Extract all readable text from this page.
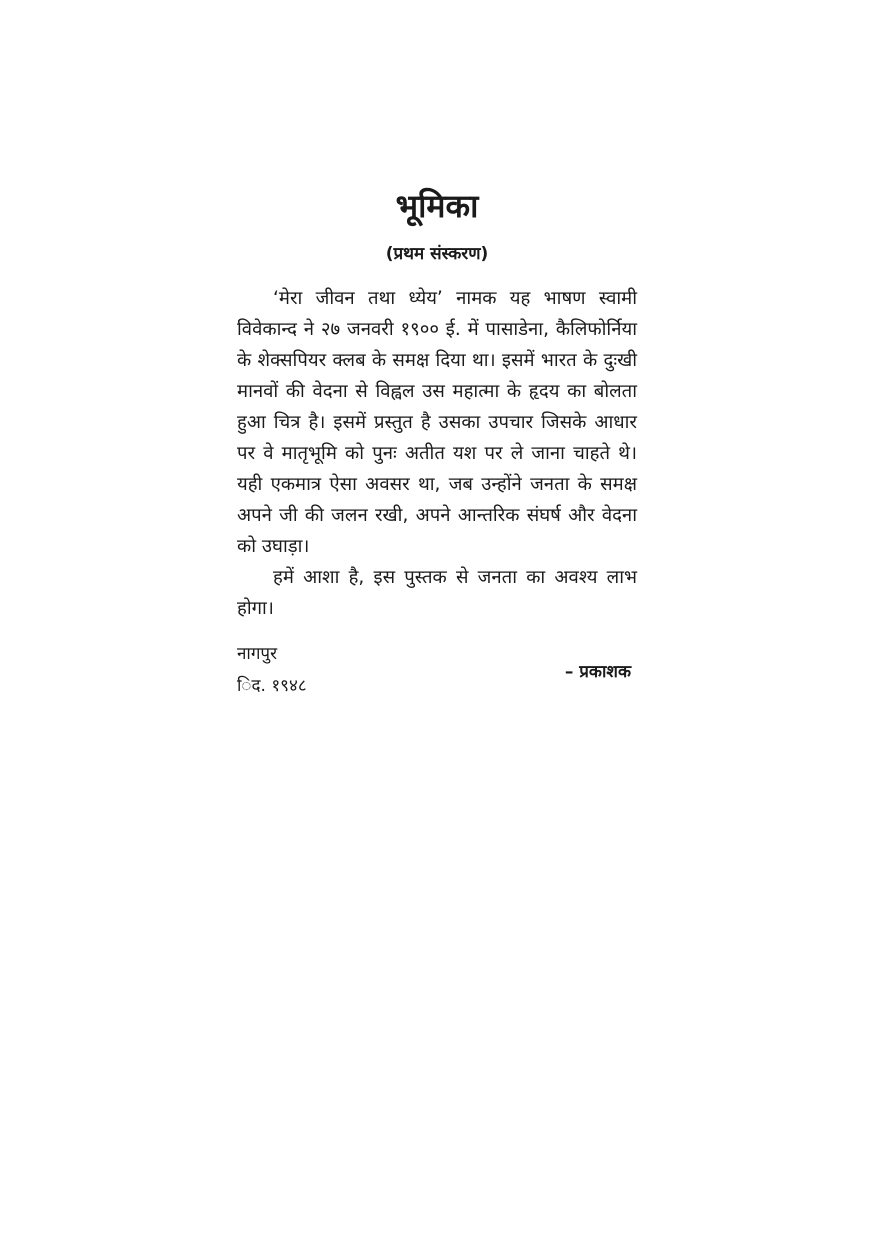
भूमिका
(प्रथम संस्करण)

‘मेरा जीवन तथा ध्येय’ नामक यह भाषण स्वामी विवेकान्द ने २७ जनवरी १९०० ई. में पासाडेना, कैलिफोर्निया के शेक्सपियर क्लब के समक्ष दिया था। इसमें भारत के दुःखी मानवों की वेदना से विह्वल उस महात्मा के हृदय का बोलता हुआ चित्र है। इसमें प्रस्तुत है उसका उपचार जिसके आधार पर वे मातृभूमि को पुनः अतीत यश पर ले जाना चाहते थे। यही एकमात्र ऐसा अवसर था, जब उन्होंने जनता के समक्ष अपने जी की जलन रखी, अपने आन्तरिक संघर्ष और वेदना को उघाड़ा।

हमें आशा है, इस पुस्तक से जनता का अवश्य लाभ होगा।

नागपुर
ि‍द. १९४८
– प्रकाशक
